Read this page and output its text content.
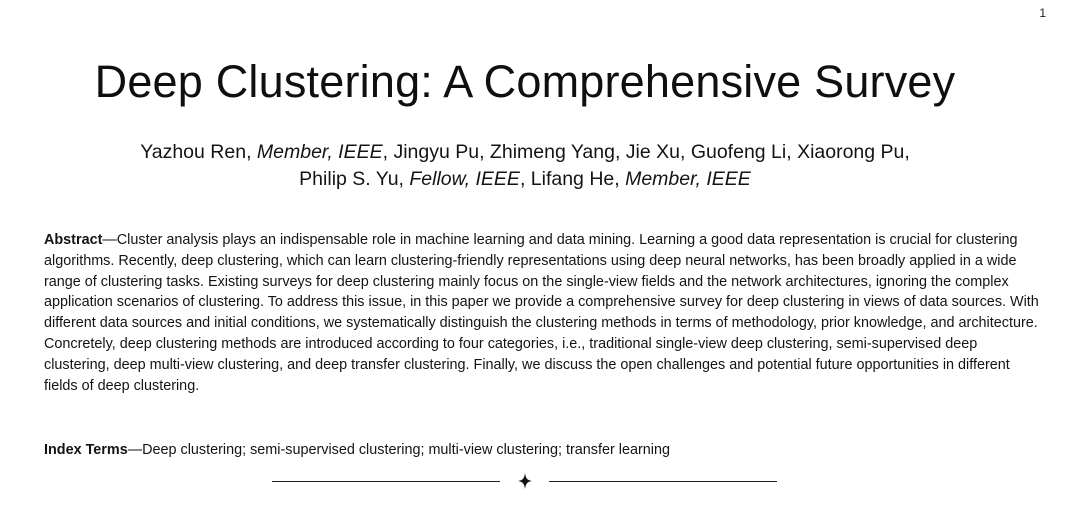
1
Deep Clustering: A Comprehensive Survey
Yazhou Ren, Member, IEEE, Jingyu Pu, Zhimeng Yang, Jie Xu, Guofeng Li, Xiaorong Pu,
Philip S. Yu, Fellow, IEEE, Lifang He, Member, IEEE

Abstract—Cluster analysis plays an indispensable role in machine learning and data mining. Learning a good data representation is crucial for clustering algorithms. Recently, deep clustering, which can learn clustering-friendly representations using deep neural networks, has been broadly applied in a wide range of clustering tasks. Existing surveys for deep clustering mainly focus on the single-view fields and the network architectures, ignoring the complex application scenarios of clustering. To address this issue, in this paper we provide a comprehensive survey for deep clustering in views of data sources. With different data sources and initial conditions, we systematically distinguish the clustering methods in terms of methodology, prior knowledge, and architecture. Concretely, deep clustering methods are introduced according to four categories, i.e., traditional single-view deep clustering, semi-supervised deep clustering, deep multi-view clustering, and deep transfer clustering. Finally, we discuss the open challenges and potential future opportunities in different fields of deep clustering.

Index Terms—Deep clustering; semi-supervised clustering; multi-view clustering; transfer learning
